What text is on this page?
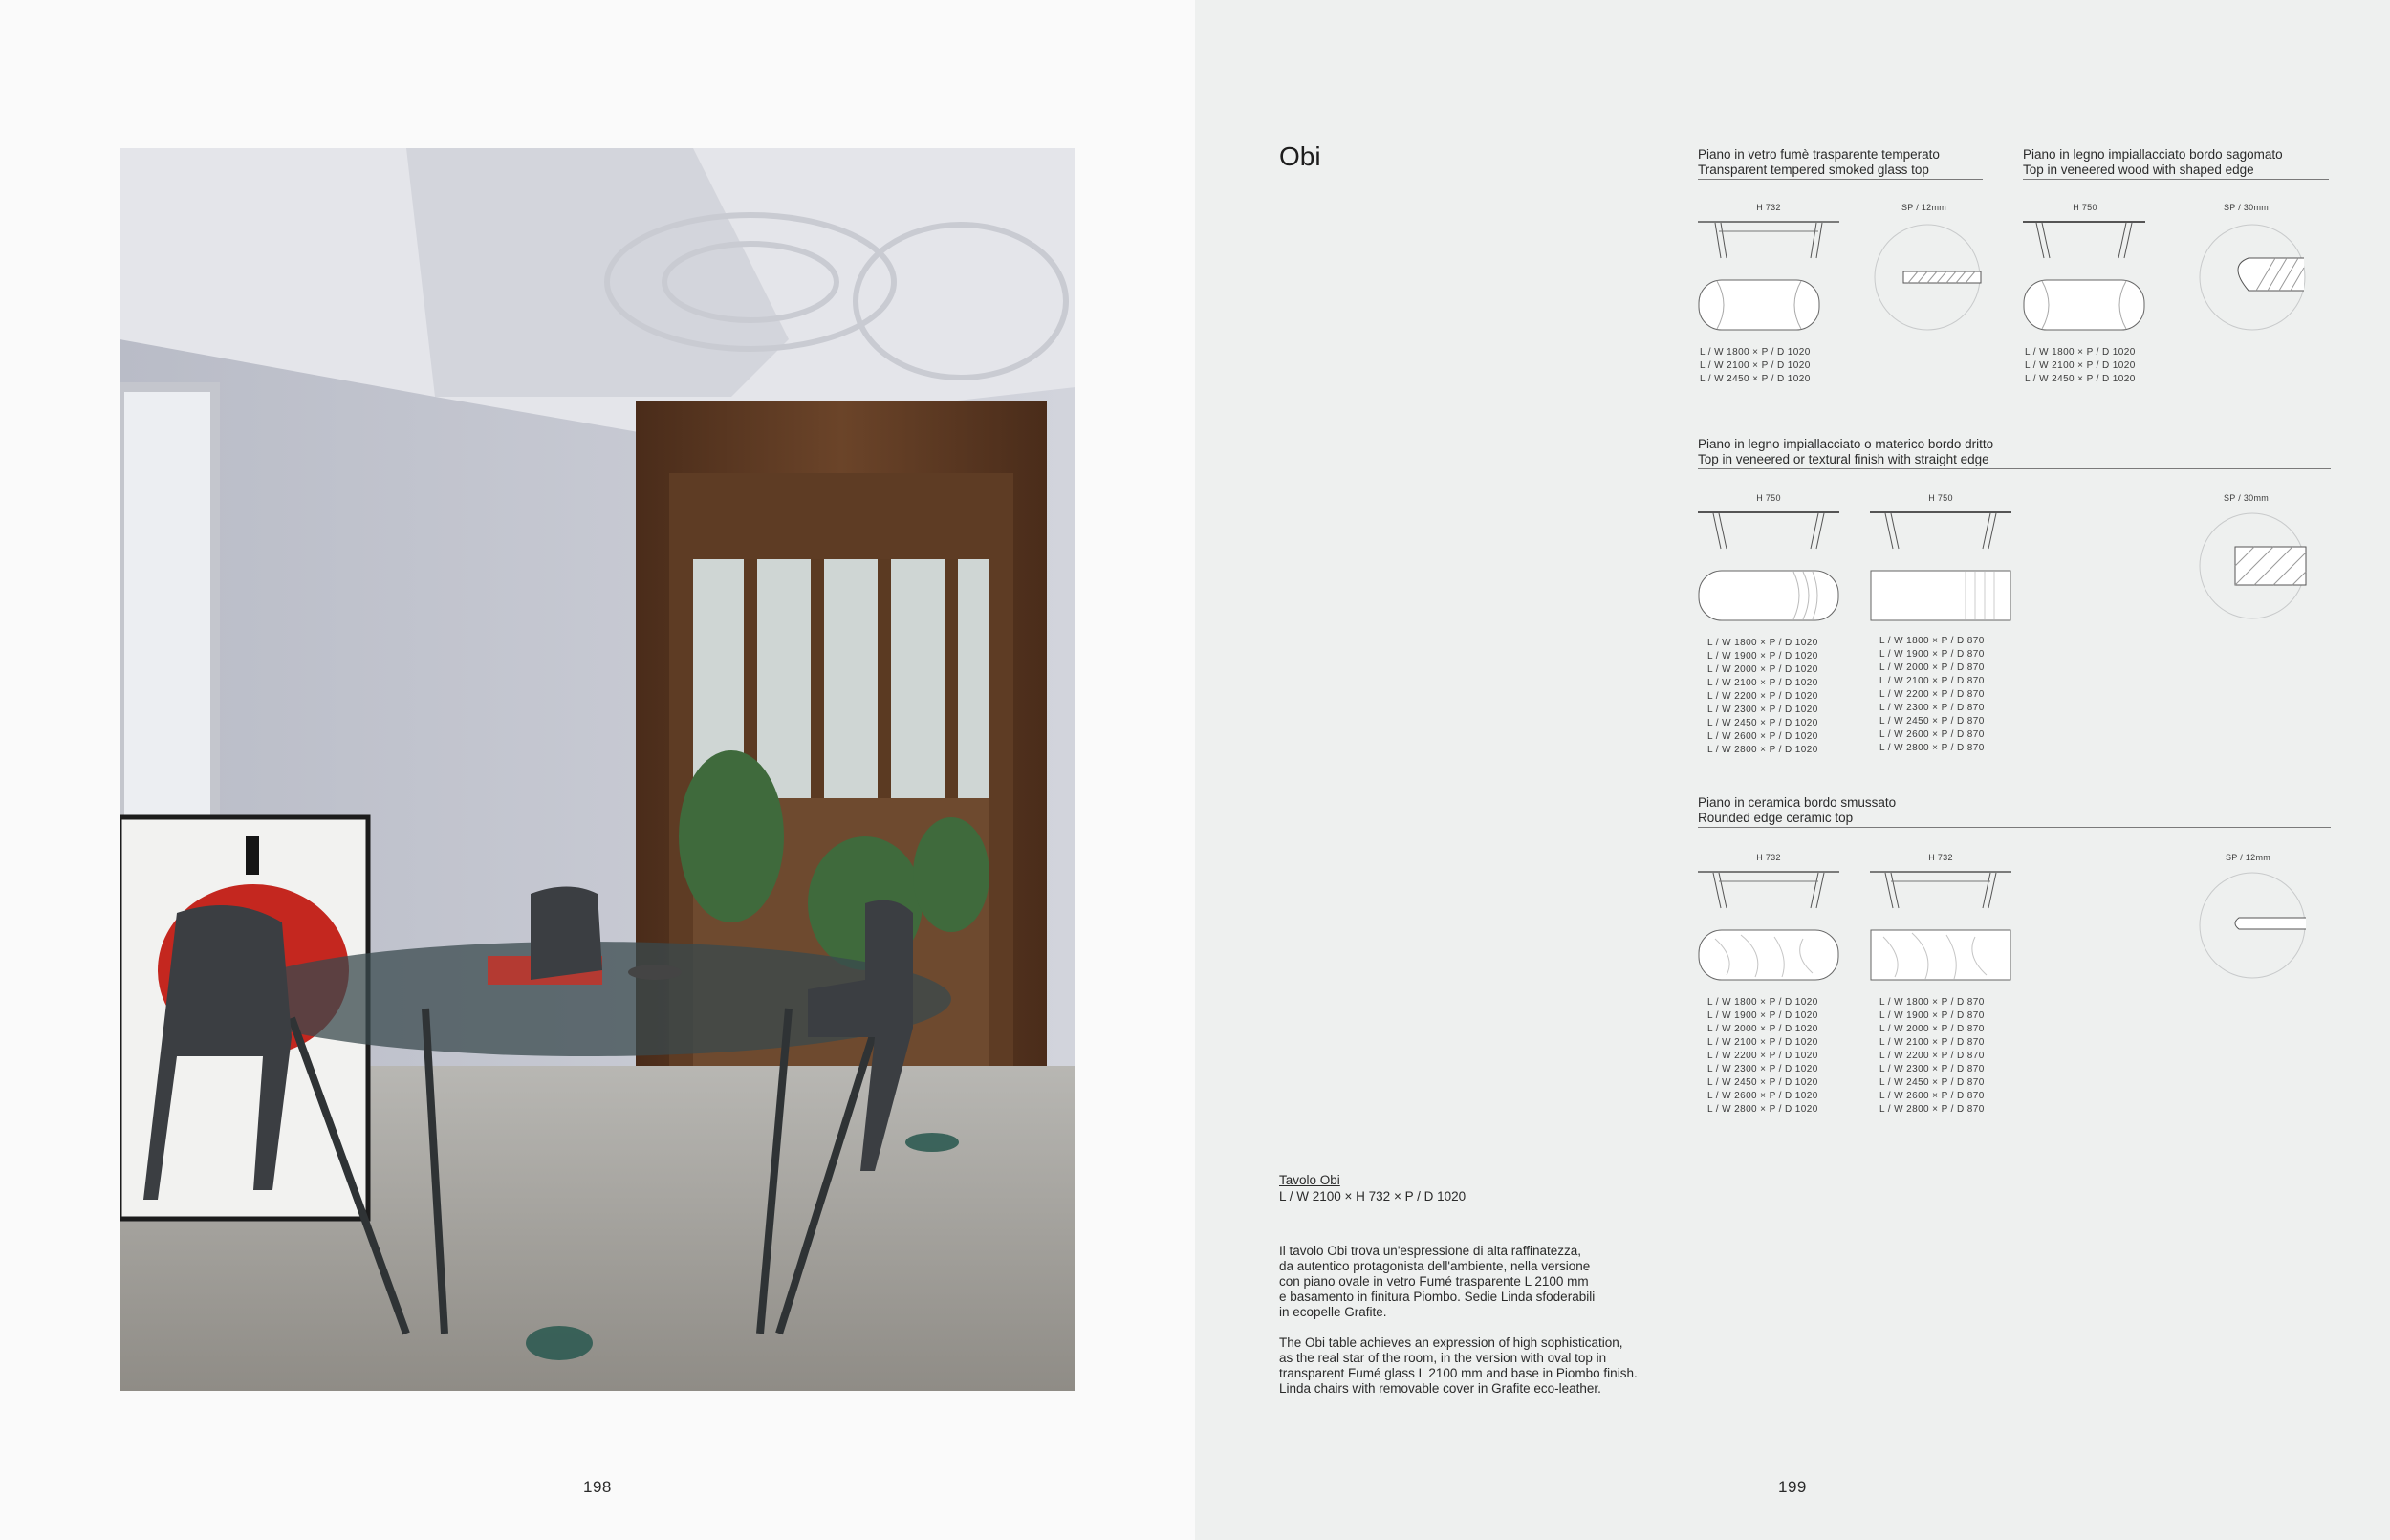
198
Obi	Piano in vetro fumè trasparente temperato
Transparent tempered smoked glass top
H 732	SP / 12mm
L / W 1800 × P / D 1020
L / W 2100 × P / D 1020
L / W 2450 × P / D 1020
Piano in legno impiallacciato bordo sagomato
Top in veneered wood with shaped edge
H 750	SP / 30mm
L / W 1800 × P / D 1020
L / W 2100 × P / D 1020
L / W 2450 × P / D 1020
Piano in legno impiallacciato o materico bordo dritto
Top in veneered or textural finish with straight edge
H 750	H 750	SP / 30mm
L / W 1800 × P / D 1020
L / W 1900 × P / D 1020
L / W 2000 × P / D 1020
L / W 2100 × P / D 1020
L / W 2200 × P / D 1020
L / W 2300 × P / D 1020
L / W 2450 × P / D 1020
L / W 2600 × P / D 1020
L / W 2800 × P / D 1020
L / W 1800 × P / D 870
L / W 1900 × P / D 870
L / W 2000 × P / D 870
L / W 2100 × P / D 870
L / W 2200 × P / D 870
L / W 2300 × P / D 870
L / W 2450 × P / D 870
L / W 2600 × P / D 870
L / W 2800 × P / D 870
Piano in ceramica bordo smussato
Rounded edge ceramic top
H 732	H 732	SP / 12mm
L / W 1800 × P / D 1020
L / W 1900 × P / D 1020
L / W 2000 × P / D 1020
L / W 2100 × P / D 1020
L / W 2200 × P / D 1020
L / W 2300 × P / D 1020
L / W 2450 × P / D 1020
L / W 2600 × P / D 1020
L / W 2800 × P / D 1020
L / W 1800 × P / D 870
L / W 1900 × P / D 870
L / W 2000 × P / D 870
L / W 2100 × P / D 870
L / W 2200 × P / D 870
L / W 2300 × P / D 870
L / W 2450 × P / D 870
L / W 2600 × P / D 870
L / W 2800 × P / D 870
Tavolo Obi
L / W 2100 × H 732 × P / D 1020
Il tavolo Obi trova un'espressione di alta raffinatezza,
da autentico protagonista dell'ambiente, nella versione
con piano ovale in vetro Fumé trasparente L 2100 mm
e basamento in finitura Piombo. Sedie Linda sfoderabili
in ecopelle Grafite.
The Obi table achieves an expression of high sophistication,
as the real star of the room, in the version with oval top in
transparent Fumé glass L 2100 mm and base in Piombo finish.
Linda chairs with removable cover in Grafite eco-leather.
199
